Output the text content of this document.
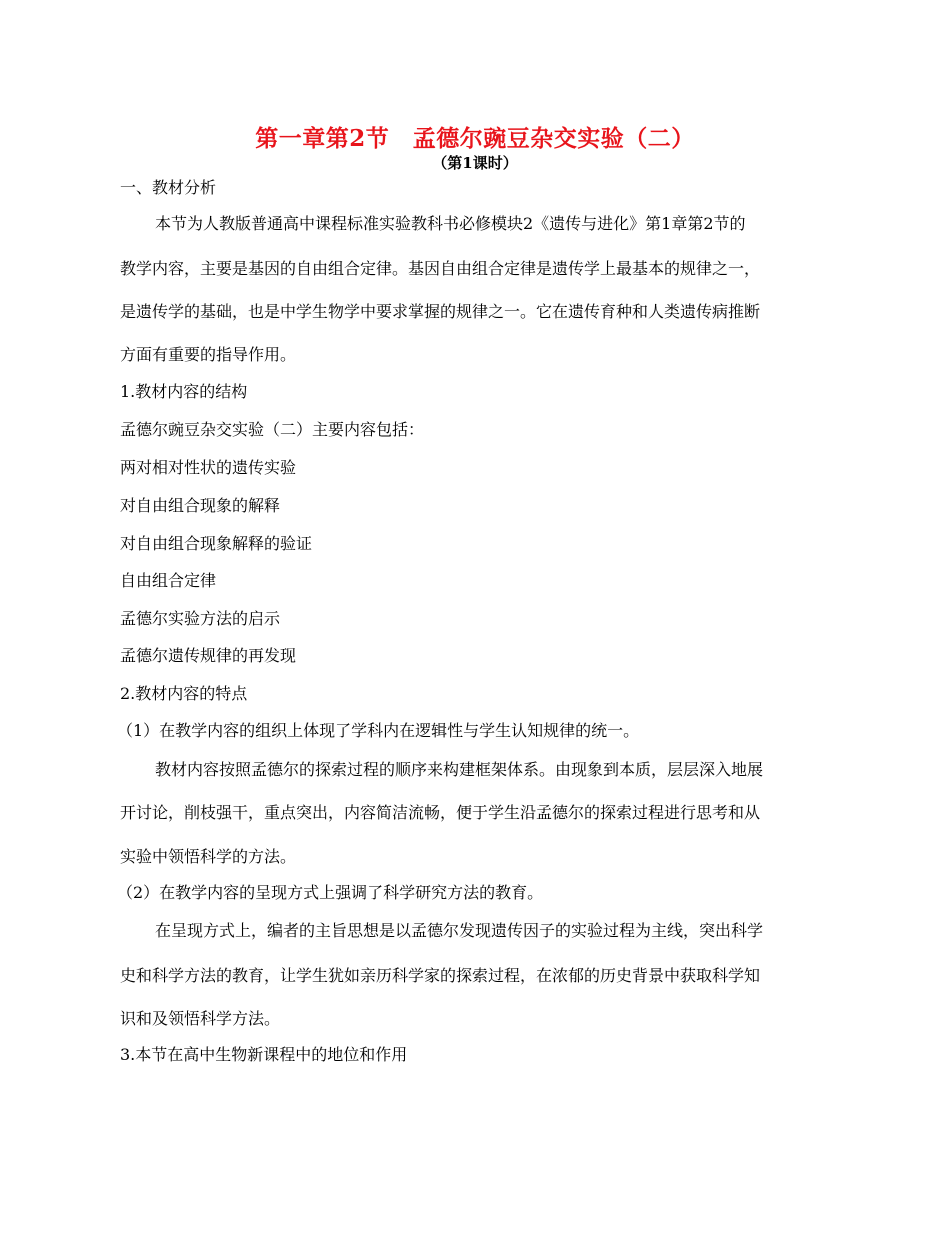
第一章第2节　孟德尔豌豆杂交实验（二）
（第1课时）
一、教材分析
本节为人教版普通高中课程标准实验教科书必修模块2《遗传与进化》第1章第2节的
教学内容，主要是基因的自由组合定律。基因自由组合定律是遗传学上最基本的规律之一，
是遗传学的基础，也是中学生物学中要求掌握的规律之一。它在遗传育种和人类遗传病推断
方面有重要的指导作用。
1.教材内容的结构
孟德尔豌豆杂交实验（二）主要内容包括：
两对相对性状的遗传实验
对自由组合现象的解释
对自由组合现象解释的验证
自由组合定律
孟德尔实验方法的启示
孟德尔遗传规律的再发现
2.教材内容的特点
（1）在教学内容的组织上体现了学科内在逻辑性与学生认知规律的统一。
教材内容按照孟德尔的探索过程的顺序来构建框架体系。由现象到本质，层层深入地展
开讨论，削枝强干，重点突出，内容简洁流畅，便于学生沿孟德尔的探索过程进行思考和从
实验中领悟科学的方法。
（2）在教学内容的呈现方式上强调了科学研究方法的教育。
在呈现方式上，编者的主旨思想是以孟德尔发现遗传因子的实验过程为主线，突出科学
史和科学方法的教育，让学生犹如亲历科学家的探索过程，在浓郁的历史背景中获取科学知
识和及领悟科学方法。
3.本节在高中生物新课程中的地位和作用
